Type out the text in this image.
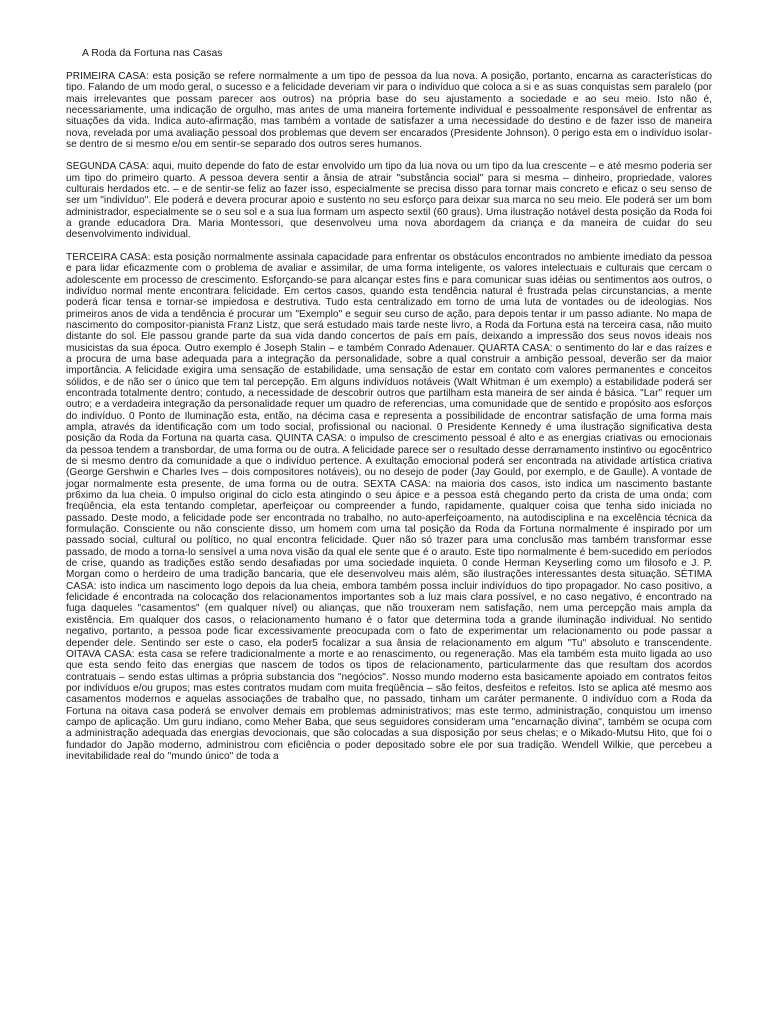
A Roda da Fortuna nas Casas

PRIMEIRA CASA: esta posição se refere normalmente a um tipo de pessoa da lua nova. A posição, portanto, encarna as características do tipo. Falando de um modo geral, o sucesso e a felicidade deveriam vir para o indivíduo que coloca a si e as suas conquistas sem paralelo (por mais irrelevantes que possam parecer aos outros) na própria base do seu ajustamento a sociedade e ao seu meio. Isto não é, necessariamente, uma indicação de orgulho, mas antes de uma maneira fortemente individual e pessoalmente responsável de enfrentar as situações da vida. Indica auto-afirmação, mas também a vontade de satisfazer a uma necessidade do destino e de fazer isso de maneira nova, revelada por uma avaliação pessoal dos problemas que devem ser encarados (Presidente Johnson). 0 perigo esta em o indivíduo isolar-se dentro de si mesmo e/ou em sentir-se separado dos outros seres humanos.

SEGUNDA CASA: aqui, muito depende do fato de estar envolvido um tipo da lua nova ou um tipo da lua crescente – e até mesmo poderia ser um tipo do primeiro quarto. A pessoa devera sentir a ânsia de atrair "substância social" para si mesma – dinheiro, propriedade, valores culturais herdados etc. – e de sentir-se feliz ao fazer isso, especialmente se precisa disso para tornar mais concreto e eficaz o seu senso de ser um "indivíduo". Ele poderá e devera procurar apoio e sustento no seu esforço para deixar sua marca no seu meio. Ele poderá ser um bom administrador, especialmente se o seu sol e a sua lua formam um aspecto sextil (60 graus). Uma ilustração notável desta posição da Roda foi a grande educadora Dra. Maria Montessori, que desenvolveu uma nova abordagem da criança e da maneira de cuidar do seu desenvolvimento individual.

TERCEIRA CASA: esta posição normalmente assinala capacidade para enfrentar os obstáculos encontrados no ambiente imediato da pessoa e para lidar eficazmente com o problema de avaliar e assimilar, de uma forma inteligente, os valores intelectuais e culturais que cercam o adolescente em processo de crescimento. Esforçando-se para alcançar estes fins e para comunicar suas idéias ou sentimentos aos outros, o indivíduo normal mente encontrara felicidade. Em certos casos, quando esta tendência natural é frustrada pelas circunstancias, a mente poderá ficar tensa e tornar-se impiedosa e destrutiva. Tudo esta centralizado em torno de uma luta de vontades ou de ideologias. Nos primeiros anos de vida a tendência é procurar um "Exemplo" e seguir seu curso de ação, para depois tentar ir um passo adiante. No mapa de nascimento do compositor-pianista Franz Listz, que será estudado mais tarde neste livro, a Roda da Fortuna esta na terceira casa, não muito distante do sol. Ele passou grande parte da sua vida dando concertos de país em país, deixando a impressão dos seus novos ideais nos musicistas da sua época. Outro exemplo é Joseph Stalin – e também Conrado Adenauer. QUARTA CASA: o sentimento do lar e das raízes e a procura de uma base adequada para a integração da personalidade, sobre a qual construir a ambição pessoal, deverão ser da maior importância. A felicidade exigira uma sensação de estabilidade, uma sensação de estar em contato com valores permanentes e conceitos sólidos, e de não ser o único que tem tal percepção. Em alguns indivíduos notáveis (Walt Whitman é um exemplo) a estabilidade poderá ser encontrada totalmente dentro; contudo, a necessidade de descobrir outros que partilham esta maneira de ser ainda é básica. "Lar" requer um outro; e a verdadeira integração da personalidade requer um quadro de referencias, uma comunidade que de sentido e propósito aos esforços do indivíduo. 0 Ponto de Iluminação esta, então, na décima casa e representa a possibilidade de encontrar satisfação de uma forma mais ampla, através da identificação com um todo social, profissional ou nacional. 0 Presidente Kennedy é uma ilustração significativa desta posição da Roda da Fortuna na quarta casa. QUINTA CASA: o impulso de crescimento pessoal é alto e as energias criativas ou emocionais da pessoa tendem a transbordar, de uma forma ou de outra. A felicidade parece ser o resultado desse derramamento instintivo ou egocêntrico de si mesmo dentro da comunidade a que o indivíduo pertence. A exultação emocional poderá ser encontrada na atividade artística criativa (George Gershwin e Charles Ives – dois compositores notáveis), ou no desejo de poder (Jay Gould, por exemplo, e de Gaulle). A vontade de jogar normalmente esta presente, de uma forma ou de outra. SEXTA CASA: na maioria dos casos, isto indica um nascimento bastante pr6ximo da lua cheia. 0 impulso original do ciclo esta atingindo o seu ápice e a pessoa está chegando perto da crista de uma onda; com freqüência, ela esta tentando completar, aperfeiçoar ou compreender a fundo, rapidamente, qualquer coisa que tenha sido iniciada no passado. Deste modo, a felicidade pode ser encontrada no trabalho, no auto-aperfeiçoamento, na autodisciplina e na excelência técnica da formulação. Consciente ou não consciente disso, um homem com uma tal posição da Roda da Fortuna normalmente é inspirado por um passado social, cultural ou político, no qual encontra felicidade. Quer não só trazer para uma conclusão mas também transformar esse passado, de modo a torna-lo sensível a uma nova visão da qual ele sente que é o arauto. Este tipo normalmente é bem-sucedido em períodos de crise, quando as tradições estão sendo desafiadas por uma sociedade inquieta. 0 conde Herman Keyserling como um filosofo e J. P. Morgan como o herdeiro de uma tradição bancaria, que ele desenvolveu mais além, são ilustrações interessantes desta situação. SÉTIMA CASA: isto indica um nascimento logo depois da lua cheia, embora também possa incluir indivíduos do tipo propagador. No caso positivo, a felicidade é encontrada na colocação dos relacionamentos importantes sob a luz mais clara possível, e no caso negativo, é encontrado na fuga daqueles "casamentos" (em qualquer nível) ou alianças, que não trouxeram nem satisfação, nem uma percepção mais ampla da existência. Em qualquer dos casos, o relacionamento humano é o fator que determina toda a grande iluminação individual. No sentido negativo, portanto, a pessoa pode ficar excessivamente preocupada com o fato de experimentar um relacionamento ou pode passar a depender dele. Sentindo ser este o caso, ela poder5 focalizar a sua ânsia de relacionamento em algum "Tu" absoluto e transcendente. OITAVA CASA: esta casa se refere tradicionalmente a morte e ao renascimento, ou regeneração. Mas ela também esta muito ligada ao uso que esta sendo feito das energias que nascem de todos os tipos de relacionamento, particularmente das que resultam dos acordos contratuais – sendo estas ultimas a própria substancia dos "negócios". Nosso mundo moderno esta basicamente apoiado em contratos feitos por indivíduos e/ou grupos; mas estes contratos mudam com muita freqüência – são feitos, desfeitos e refeitos. Isto se aplica até mesmo aos casamentos modernos e aquelas associações de trabalho que, no passado, tinham um caráter permanente. 0 indivíduo com a Roda da Fortuna na oitava casa poderá se envolver demais em problemas administrativos; mas este termo, administração, conquistou um imenso campo de aplicação. Um guru indiano, como Meher Baba, que seus seguidores consideram uma "encarnação divina", também se ocupa com a administração adequada das energias devocionais, que são colocadas a sua disposição por seus chelas; e o Mikado-Mutsu Hito, que foi o fundador do Japão moderno, administrou com eficiência o poder depositado sobre ele por sua tradição. Wendell Wilkie, que percebeu a inevitabilidade real do "mundo único" de toda a
